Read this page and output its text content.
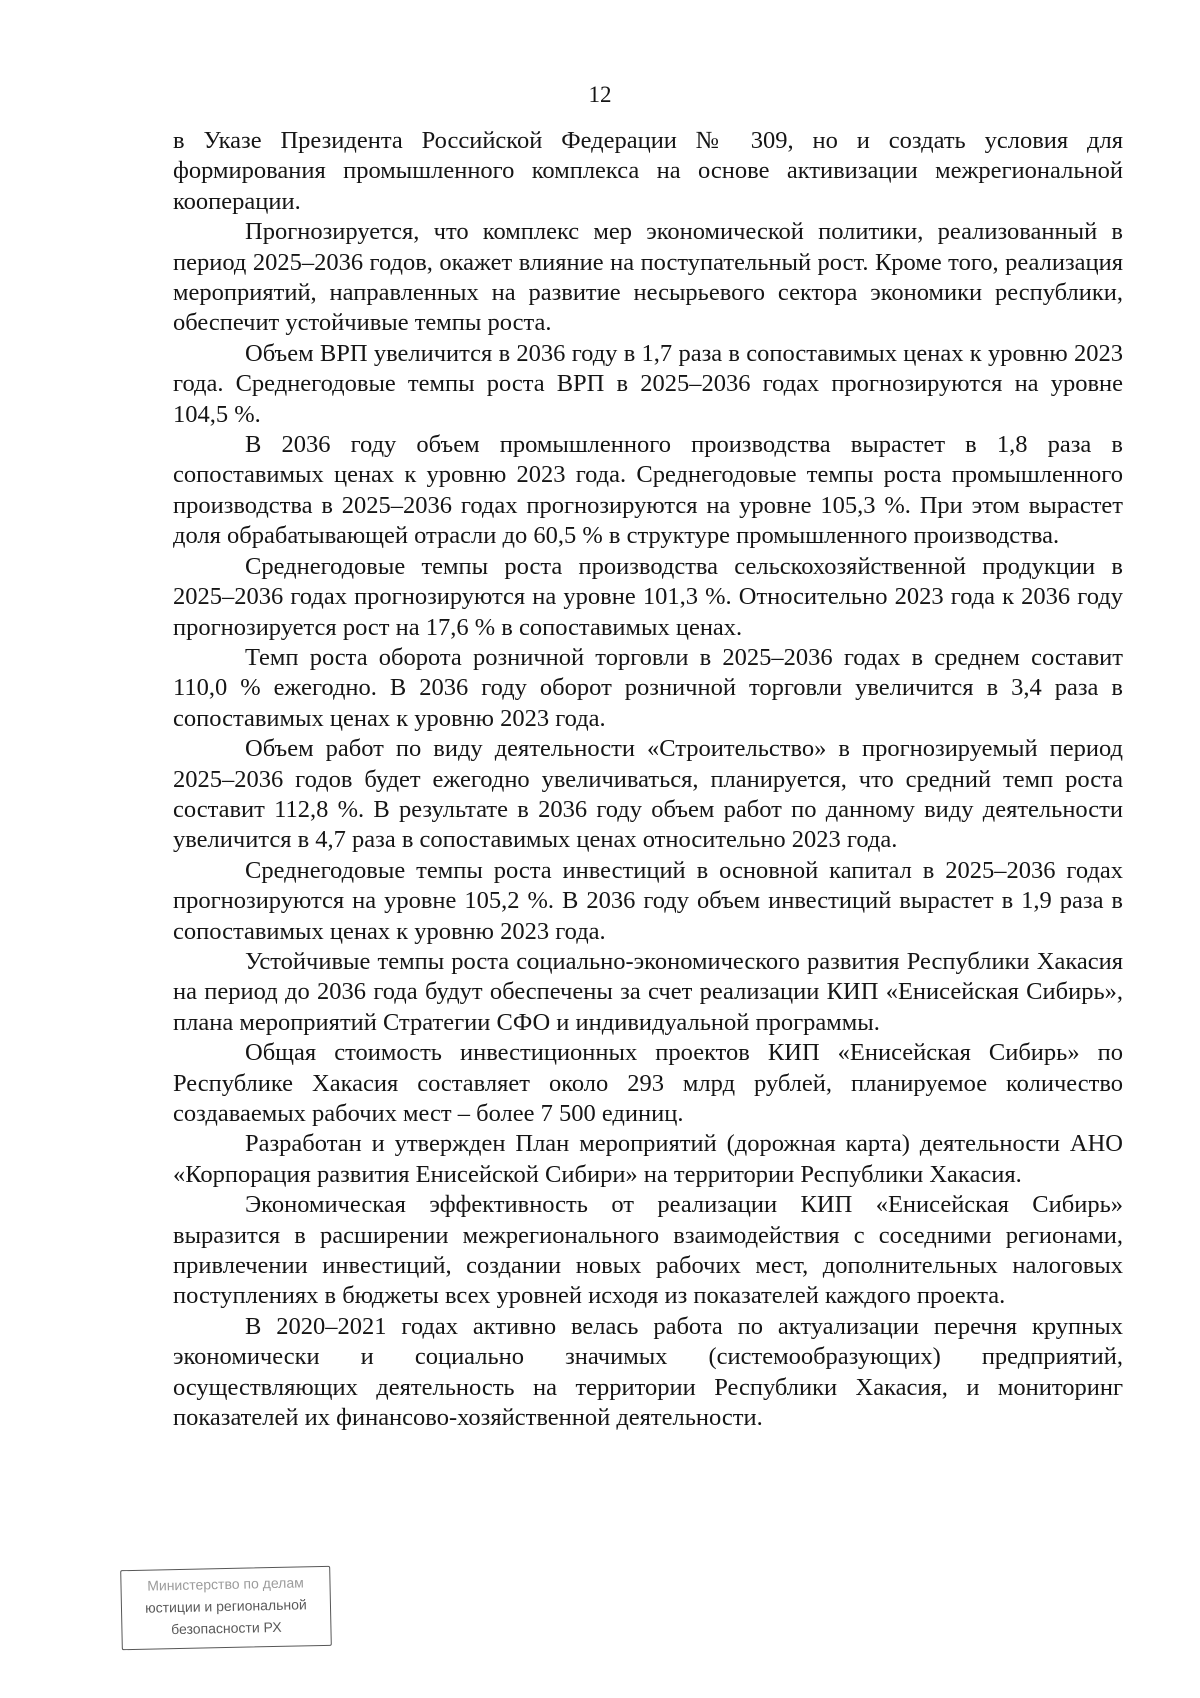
12

в Указе Президента Российской Федерации № 309, но и создать условия для формирования промышленного комплекса на основе активизации межрегиональной кооперации.

Прогнозируется, что комплекс мер экономической политики, реализованный в период 2025–2036 годов, окажет влияние на поступательный рост. Кроме того, реализация мероприятий, направленных на развитие несырьевого сектора экономики республики, обеспечит устойчивые темпы роста.

Объем ВРП увеличится в 2036 году в 1,7 раза в сопоставимых ценах к уровню 2023 года. Среднегодовые темпы роста ВРП в 2025–2036 годах прогнозируются на уровне 104,5 %.

В 2036 году объем промышленного производства вырастет в 1,8 раза в сопоставимых ценах к уровню 2023 года. Среднегодовые темпы роста промышленного производства в 2025–2036 годах прогнозируются на уровне 105,3 %. При этом вырастет доля обрабатывающей отрасли до 60,5 % в структуре промышленного производства.

Среднегодовые темпы роста производства сельскохозяйственной продукции в 2025–2036 годах прогнозируются на уровне 101,3 %. Относительно 2023 года к 2036 году прогнозируется рост на 17,6 % в сопоставимых ценах.

Темп роста оборота розничной торговли в 2025–2036 годах в среднем составит 110,0 % ежегодно. В 2036 году оборот розничной торговли увеличится в 3,4 раза в сопоставимых ценах к уровню 2023 года.

Объем работ по виду деятельности «Строительство» в прогнозируемый период 2025–2036 годов будет ежегодно увеличиваться, планируется, что средний темп роста составит 112,8 %. В результате в 2036 году объем работ по данному виду деятельности увеличится в 4,7 раза в сопоставимых ценах относительно 2023 года.

Среднегодовые темпы роста инвестиций в основной капитал в 2025–2036 годах прогнозируются на уровне 105,2 %. В 2036 году объем инвестиций вырастет в 1,9 раза в сопоставимых ценах к уровню 2023 года.

Устойчивые темпы роста социально-экономического развития Республики Хакасия на период до 2036 года будут обеспечены за счет реализации КИП «Енисейская Сибирь», плана мероприятий Стратегии СФО и индивидуальной программы.

Общая стоимость инвестиционных проектов КИП «Енисейская Сибирь» по Республике Хакасия составляет около 293 млрд рублей, планируемое количество создаваемых рабочих мест – более 7 500 единиц.

Разработан и утвержден План мероприятий (дорожная карта) деятельности АНО «Корпорация развития Енисейской Сибири» на территории Республики Хакасия.

Экономическая эффективность от реализации КИП «Енисейская Сибирь» выразится в расширении межрегионального взаимодействия с соседними регионами, привлечении инвестиций, создании новых рабочих мест, дополнительных налоговых поступлениях в бюджеты всех уровней исходя из показателей каждого проекта.

В 2020–2021 годах активно велась работа по актуализации перечня крупных экономически и социально значимых (системообразующих) предприятий, осуществляющих деятельность на территории Республики Хакасия, и мониторинг показателей их финансово-хозяйственной деятельности.

Министерство по делам
юстиции и региональной
безопасности РХ
